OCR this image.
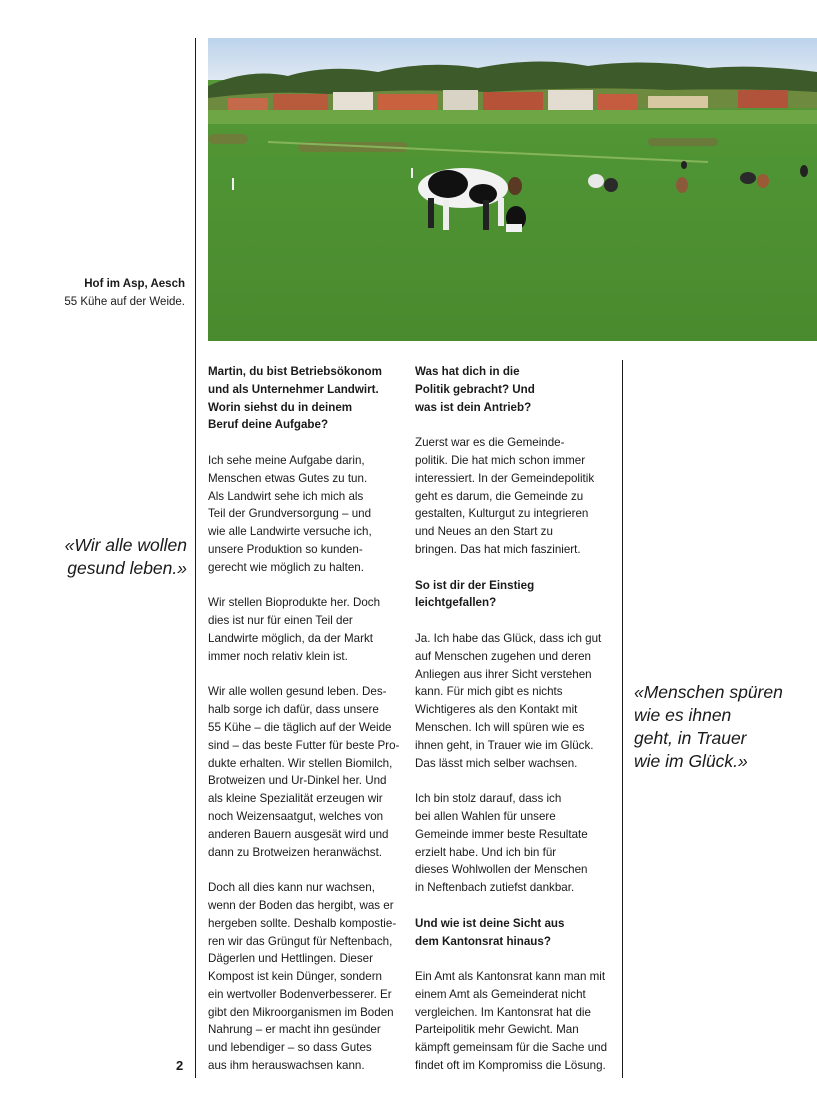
Hof im Asp, Aesch
55 Kühe auf der Weide.
«Wir alle wollen
gesund leben.»
«Menschen spüren
wie es ihnen
geht, in Trauer
wie im Glück.»

Martin, du bist Betriebsökonom
und als Unternehmer Landwirt.
Worin siehst du in deinem
Beruf deine Aufgabe?

Ich sehe meine Aufgabe darin,
Menschen etwas Gutes zu tun.
Als Landwirt sehe ich mich als
Teil der Grundversorgung – und
wie alle Landwirte versuche ich,
unsere Produktion so kunden-
gerecht wie möglich zu halten.

Wir stellen Bioprodukte her. Doch
dies ist nur für einen Teil der
Landwirte möglich, da der Markt
immer noch relativ klein ist.

Wir alle wollen gesund leben. Des-
halb sorge ich dafür, dass unsere
55 Kühe – die täglich auf der Weide
sind – das beste Futter für beste Pro-
dukte erhalten. Wir stellen Biomilch,
Brotweizen und Ur-Dinkel her. Und
als kleine Spezialität erzeugen wir
noch Weizensaatgut, welches von
anderen Bauern ausgesät wird und
dann zu Brotweizen heranwächst.

Doch all dies kann nur wachsen,
wenn der Boden das hergibt, was er
hergeben sollte. Deshalb kompostie-
ren wir das Grüngut für Neftenbach,
Dägerlen und Hettlingen. Dieser
Kompost ist kein Dünger, sondern
ein wertvoller Bodenverbesserer. Er
gibt den Mikroorganismen im Boden
Nahrung – er macht ihn gesünder
und lebendiger – so dass Gutes
aus ihm herauswachsen kann.

Was hat dich in die
Politik gebracht? Und
was ist dein Antrieb?

Zuerst war es die Gemeinde-
politik. Die hat mich schon immer
interessiert. In der Gemeindepolitik
geht es darum, die Gemeinde zu
gestalten, Kulturgut zu integrieren
und Neues an den Start zu
bringen. Das hat mich fasziniert.

So ist dir der Einstieg
leichtgefallen?

Ja. Ich habe das Glück, dass ich gut
auf Menschen zugehen und deren
Anliegen aus ihrer Sicht verstehen
kann. Für mich gibt es nichts
Wichtigeres als den Kontakt mit
Menschen. Ich will spüren wie es
ihnen geht, in Trauer wie im Glück.
Das lässt mich selber wachsen.

Ich bin stolz darauf, dass ich
bei allen Wahlen für unsere
Gemeinde immer beste Resultate
erzielt habe. Und ich bin für
dieses Wohlwollen der Menschen
in Neftenbach zutiefst dankbar.

Und wie ist deine Sicht aus
dem Kantonsrat hinaus?

Ein Amt als Kantonsrat kann man mit
einem Amt als Gemeinderat nicht
vergleichen. Im Kantonsrat hat die
Parteipolitik mehr Gewicht. Man
kämpft gemeinsam für die Sache und
findet oft im Kompromiss die Lösung.

2
